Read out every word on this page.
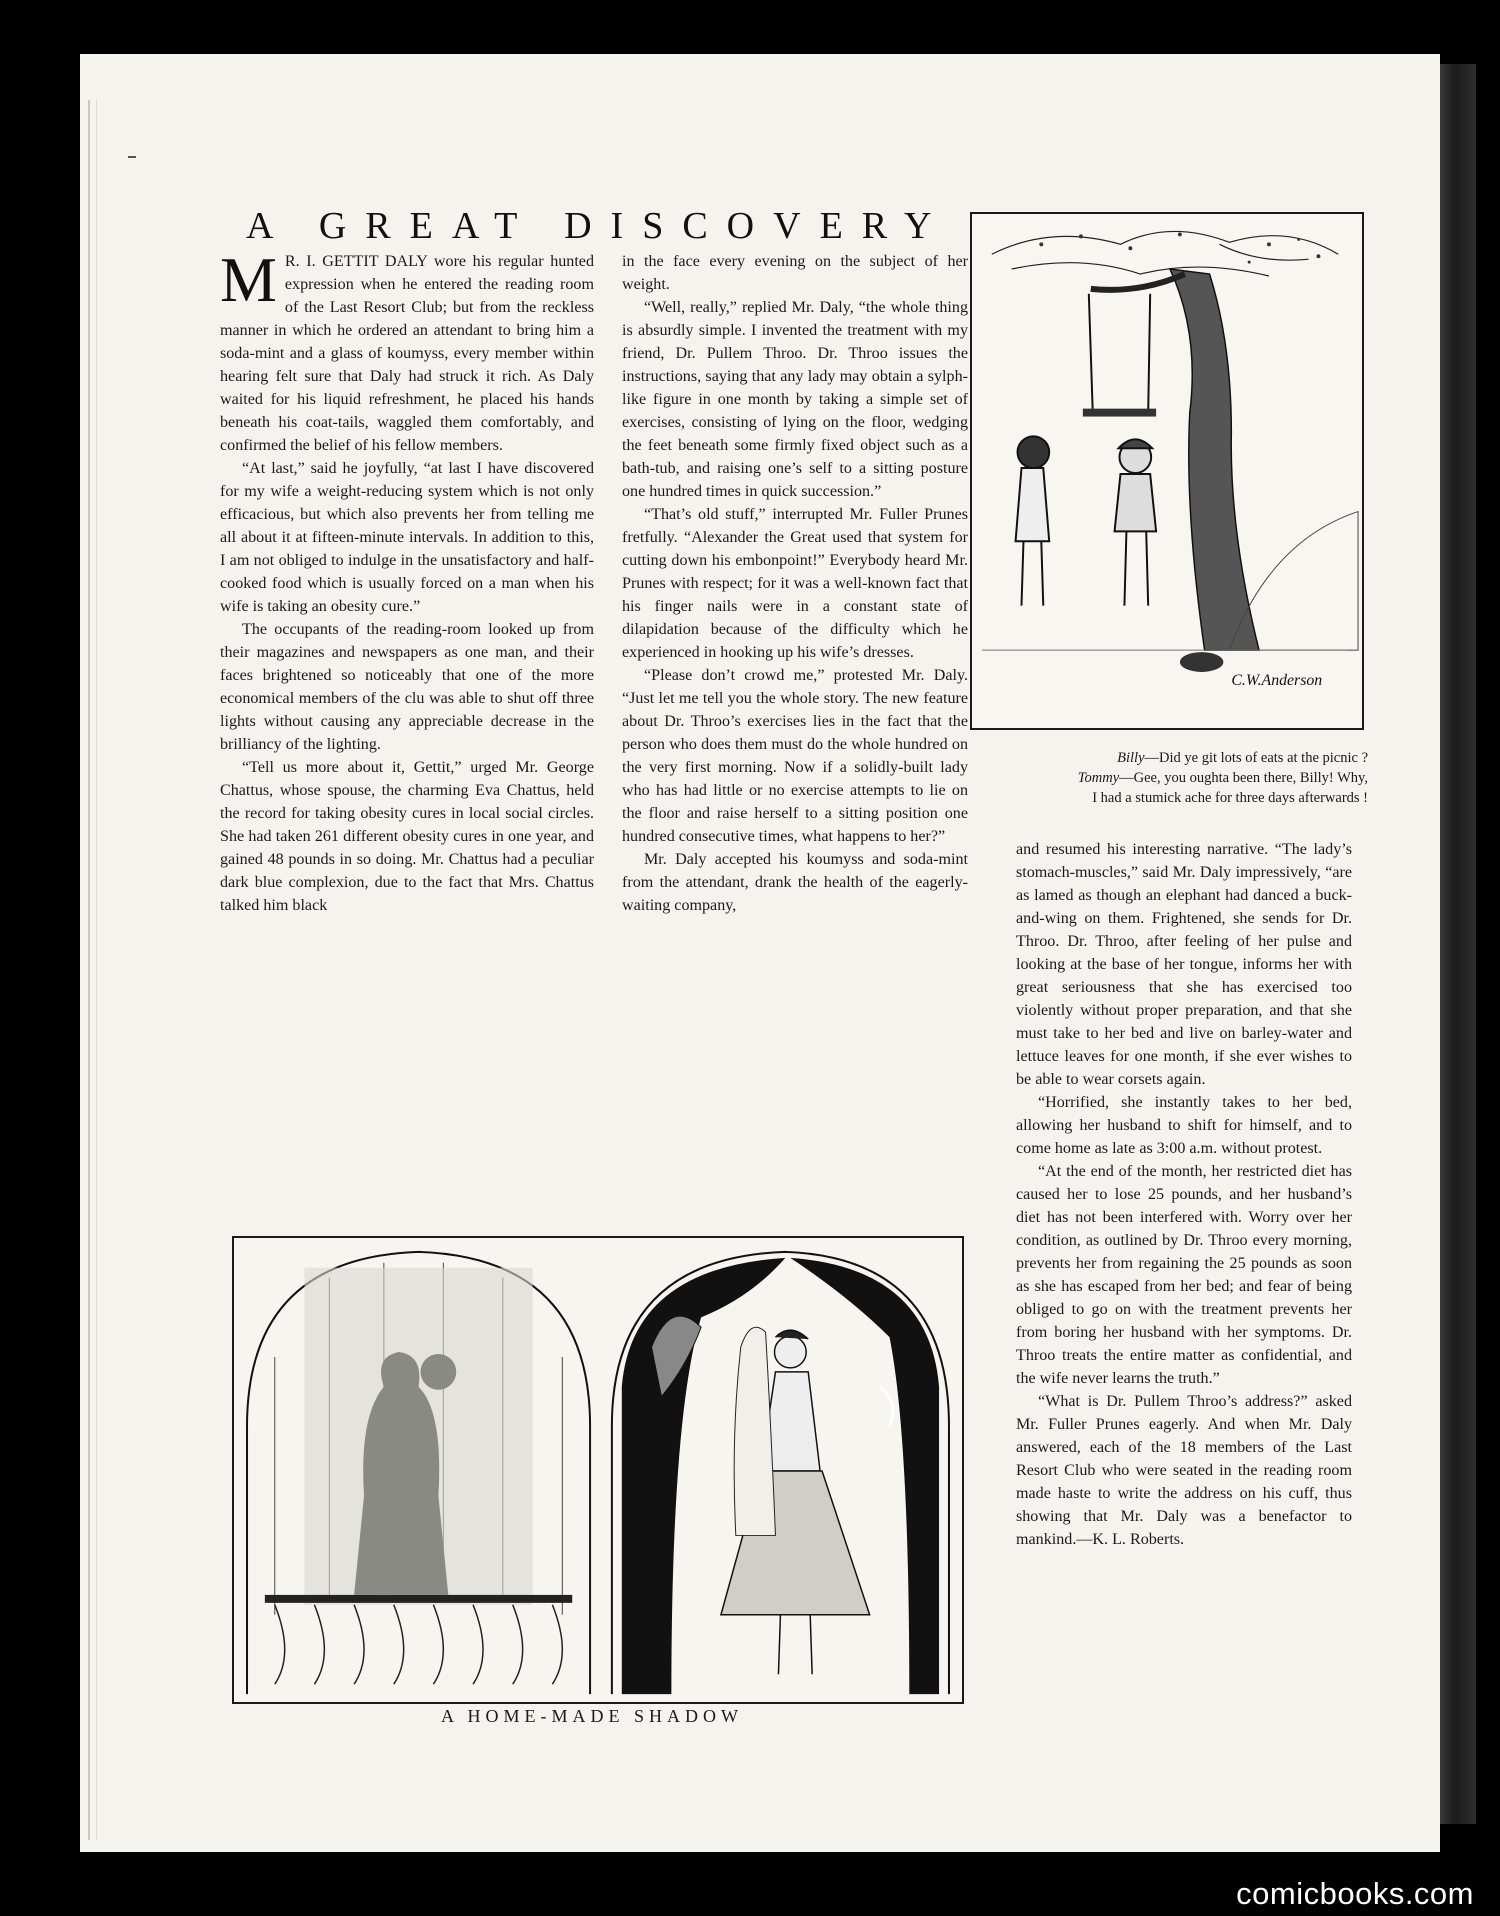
A GREAT DISCOVERY

M R. I. GETTIT DALY wore his regular hunted expression when he entered the reading room of the Last Resort Club; but from the reckless manner in which he ordered an attendant to bring him a soda-mint and a glass of koumyss, every member within hearing felt sure that Daly had struck it rich. As Daly waited for his liquid refreshment, he placed his hands beneath his coat-tails, waggled them comfortably, and confirmed the belief of his fellow members.

“At last,” said he joyfully, “at last I have discovered for my wife a weight-reducing system which is not only efficacious, but which also prevents her from telling me all about it at fifteen-minute intervals. In addition to this, I am not obliged to indulge in the unsatisfactory and half-cooked food which is usually forced on a man when his wife is taking an obesity cure.”

The occupants of the reading-room looked up from their magazines and newspapers as one man, and their faces brightened so noticeably that one of the more economical members of the clu was able to shut off three lights without causing any appreciable decrease in the brilliancy of the lighting.

“Tell us more about it, Gettit,” urged Mr. George Chattus, whose spouse, the charming Eva Chattus, held the record for taking obesity cures in local social circles. She had taken 261 different obesity cures in one year, and gained 48 pounds in so doing. Mr. Chattus had a peculiar dark blue complexion, due to the fact that Mrs. Chattus talked him black

in the face every evening on the subject of her weight.

“Well, really,” replied Mr. Daly, “the whole thing is absurdly simple. I invented the treatment with my friend, Dr. Pullem Throo. Dr. Throo issues the instructions, saying that any lady may obtain a sylph-like figure in one month by taking a simple set of exercises, consisting of lying on the floor, wedging the feet beneath some firmly fixed object such as a bath-tub, and raising one’s self to a sitting posture one hundred times in quick succession.”

“That’s old stuff,” interrupted Mr. Fuller Prunes fretfully. “Alexander the Great used that system for cutting down his embonpoint!” Everybody heard Mr. Prunes with respect; for it was a well-known fact that his finger nails were in a constant state of dilapidation because of the difficulty which he experienced in hooking up his wife’s dresses.

“Please don’t crowd me,” protested Mr. Daly. “Just let me tell you the whole story. The new feature about Dr. Throo’s exercises lies in the fact that the person who does them must do the whole hundred on the very first morning. Now if a solidly-built lady who has had little or no exercise attempts to lie on the floor and raise herself to a sitting position one hundred consecutive times, what happens to her?”

Mr. Daly accepted his koumyss and soda-mint from the attendant, drank the health of the eagerly-waiting company,

and resumed his interesting narrative. “The lady’s stomach-muscles,” said Mr. Daly impressively, “are as lamed as though an elephant had danced a buck-and-wing on them. Frightened, she sends for Dr. Throo. Dr. Throo, after feeling of her pulse and looking at the base of her tongue, informs her with great seriousness that she has exercised too violently without proper preparation, and that she must take to her bed and live on barley-water and lettuce leaves for one month, if she ever wishes to be able to wear corsets again.

“Horrified, she instantly takes to her bed, allowing her husband to shift for himself, and to come home as late as 3:00 a.m. without protest.

“At the end of the month, her restricted diet has caused her to lose 25 pounds, and her husband’s diet has not been interfered with. Worry over her condition, as outlined by Dr. Throo every morning, prevents her from regaining the 25 pounds as soon as she has escaped from her bed; and fear of being obliged to go on with the treatment prevents her from boring her husband with her symptoms. Dr. Throo treats the entire matter as confidential, and the wife never learns the truth.”

“What is Dr. Pullem Throo’s address?” asked Mr. Fuller Prunes eagerly. And when Mr. Daly answered, each of the 18 members of the Last Resort Club who were seated in the reading room made haste to write the address on his cuff, thus showing that Mr. Daly was a benefactor to mankind.—K. L. Roberts.

C.W.Anderson
Billy—Did ye git lots of eats at the picnic ?
Tommy—Gee, you oughta been there, Billy! Why,
I had a stumick ache for three days afterwards !
A HOME-MADE SHADOW
comicbooks.com
